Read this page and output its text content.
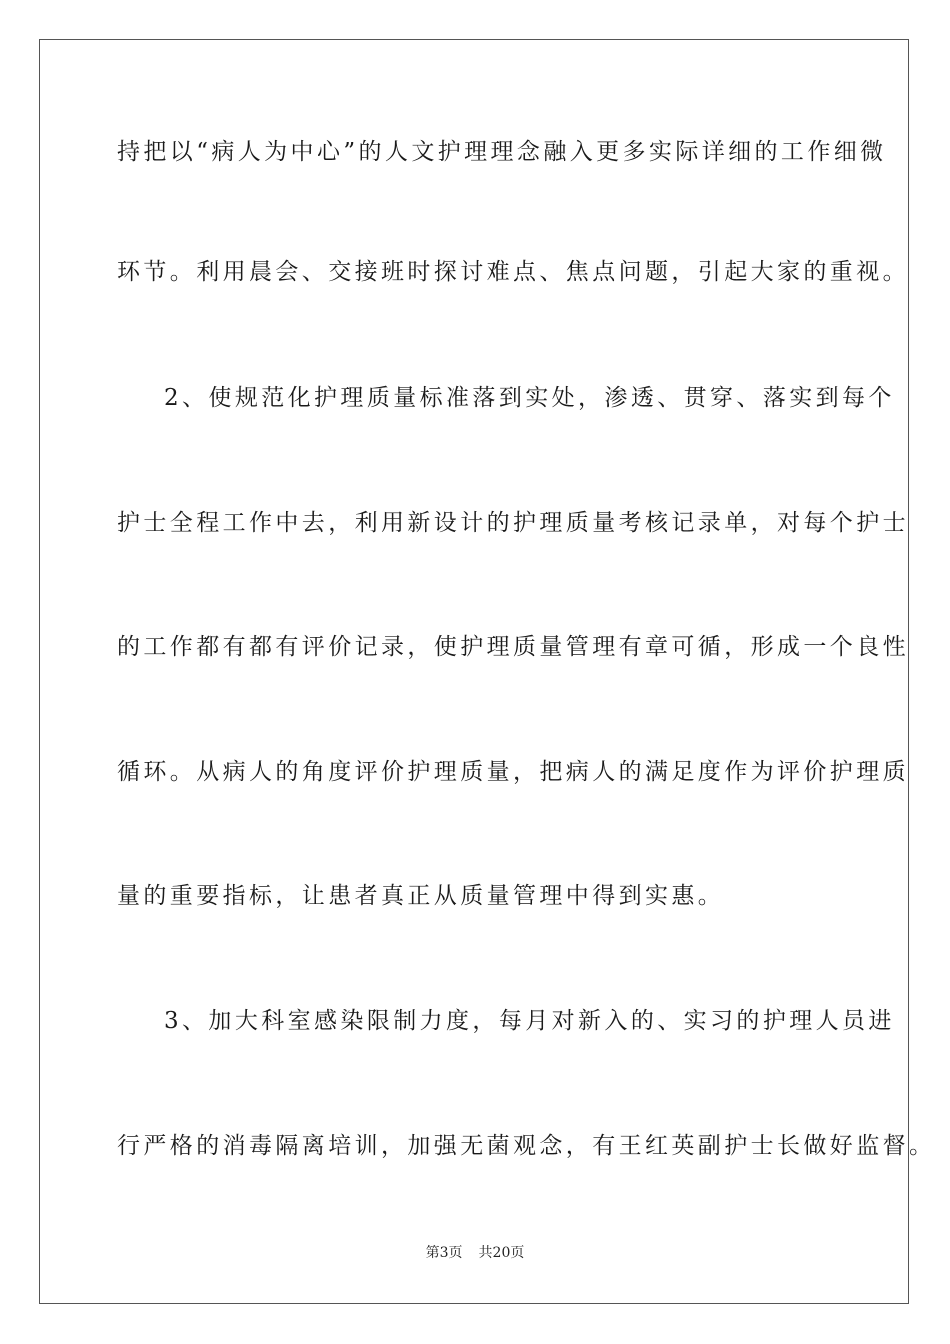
持把以“病人为中心”的人文护理理念融入更多实际详细的工作细微
环节。利用晨会、交接班时探讨难点、焦点问题，引起大家的重视。
2、使规范化护理质量标准落到实处，渗透、贯穿、落实到每个
护士全程工作中去，利用新设计的护理质量考核记录单，对每个护士
的工作都有都有评价记录，使护理质量管理有章可循，形成一个良性
循环。从病人的角度评价护理质量，把病人的满足度作为评价护理质
量的重要指标，让患者真正从质量管理中得到实惠。
3、加大科室感染限制力度，每月对新入的、实习的护理人员进
行严格的消毒隔离培训，加强无菌观念，有王红英副护士长做好监督。
第3页 共20页
